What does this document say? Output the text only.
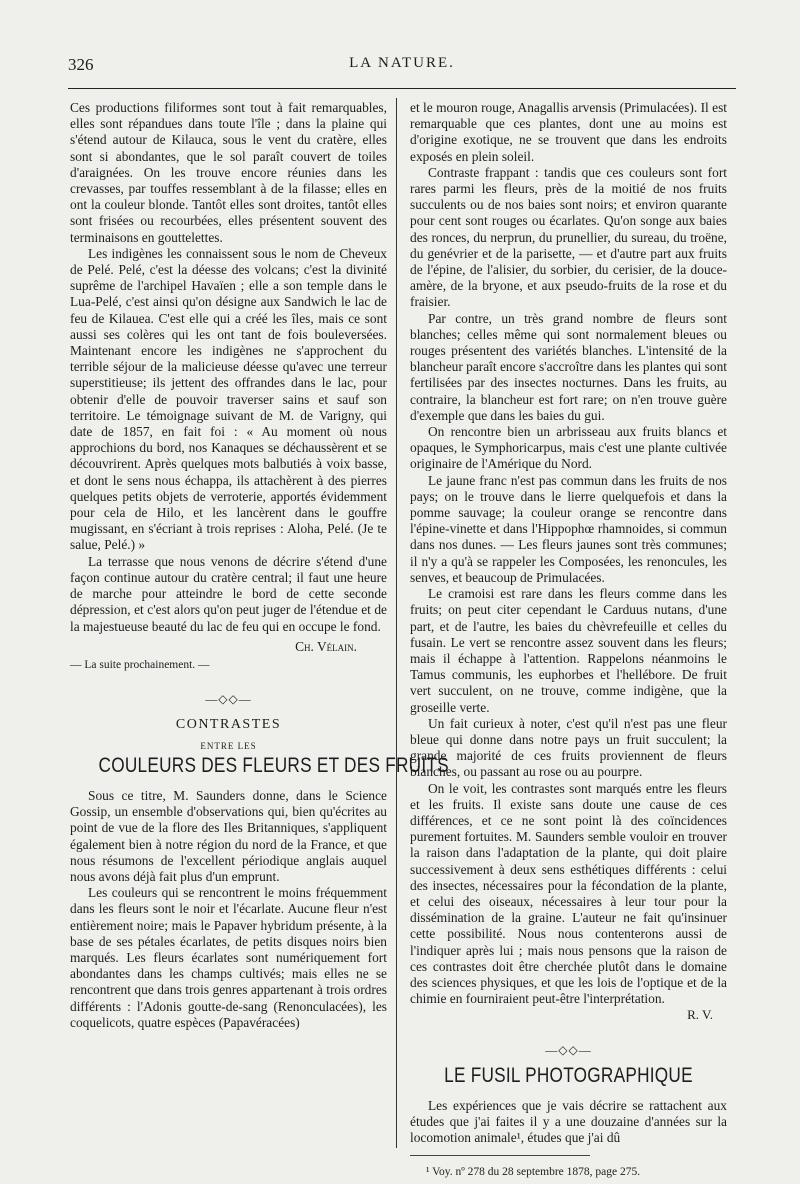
326	LA NATURE.

Ces productions filiformes sont tout à fait remarquables, elles sont répandues dans toute l'île ; dans la plaine qui s'étend autour de Kilauca, sous le vent du cratère, elles sont si abondantes, que le sol paraît couvert de toiles d'araignées. On les trouve encore réunies dans les crevasses, par touffes ressemblant à de la filasse; elles en ont la couleur blonde. Tantôt elles sont droites, tantôt elles sont frisées ou recourbées, elles présentent souvent des terminaisons en gouttelettes.

Les indigènes les connaissent sous le nom de Cheveux de Pelé. Pelé, c'est la déesse des volcans; c'est la divinité suprême de l'archipel Havaïen ; elle a son temple dans le Lua-Pelé, c'est ainsi qu'on désigne aux Sandwich le lac de feu de Kilauea. C'est elle qui a créé les îles, mais ce sont aussi ses colères qui les ont tant de fois bouleversées. Maintenant encore les indigènes ne s'approchent du terrible séjour de la malicieuse déesse qu'avec une terreur superstitieuse; ils jettent des offrandes dans le lac, pour obtenir d'elle de pouvoir traverser sains et sauf son territoire. Le témoignage suivant de M. de Varigny, qui date de 1857, en fait foi : « Au moment où nous approchions du bord, nos Kanaques se déchaussèrent et se découvrirent. Après quelques mots balbutiés à voix basse, et dont le sens nous échappa, ils attachèrent à des pierres quelques petits objets de verroterie, apportés évidemment pour cela de Hilo, et les lancèrent dans le gouffre mugissant, en s'écriant à trois reprises : Aloha, Pelé. (Je te salue, Pelé.) »

La terrasse que nous venons de décrire s'étend d'une façon continue autour du cratère central; il faut une heure de marche pour atteindre le bord de cette seconde dépression, et c'est alors qu'on peut juger de l'étendue et de la majestueuse beauté du lac de feu qui en occupe le fond.

Ch. Vélain.

— La suite prochainement. —

—◇◇—
CONTRASTES
ENTRE LES
COULEURS DES FLEURS ET DES FRUITS

Sous ce titre, M. Saunders donne, dans le Science Gossip, un ensemble d'observations qui, bien qu'écrites au point de vue de la flore des Iles Britanniques, s'appliquent également bien à notre région du nord de la France, et que nous résumons de l'excellent périodique anglais auquel nous avons déjà fait plus d'un emprunt.

Les couleurs qui se rencontrent le moins fréquemment dans les fleurs sont le noir et l'écarlate. Aucune fleur n'est entièrement noire; mais le Papaver hybridum présente, à la base de ses pétales écarlates, de petits disques noirs bien marqués. Les fleurs écarlates sont numériquement fort abondantes dans les champs cultivés; mais elles ne se rencontrent que dans trois genres appartenant à trois ordres différents : l'Adonis goutte-de-sang (Renonculacées), les coquelicots, quatre espèces (Papavéracées)

et le mouron rouge, Anagallis arvensis (Primulacées). Il est remarquable que ces plantes, dont une au moins est d'origine exotique, ne se trouvent que dans les endroits exposés en plein soleil.

Contraste frappant : tandis que ces couleurs sont fort rares parmi les fleurs, près de la moitié de nos fruits succulents ou de nos baies sont noirs; et environ quarante pour cent sont rouges ou écarlates. Qu'on songe aux baies des ronces, du nerprun, du prunellier, du sureau, du troëne, du genévrier et de la parisette, — et d'autre part aux fruits de l'épine, de l'alisier, du sorbier, du cerisier, de la douce-amère, de la bryone, et aux pseudo-fruits de la rose et du fraisier.

Par contre, un très grand nombre de fleurs sont blanches; celles même qui sont normalement bleues ou rouges présentent des variétés blanches. L'intensité de la blancheur paraît encore s'accroître dans les plantes qui sont fertilisées par des insectes nocturnes. Dans les fruits, au contraire, la blancheur est fort rare; on n'en trouve guère d'exemple que dans les baies du gui.

On rencontre bien un arbrisseau aux fruits blancs et opaques, le Symphoricarpus, mais c'est une plante cultivée originaire de l'Amérique du Nord.

Le jaune franc n'est pas commun dans les fruits de nos pays; on le trouve dans le lierre quelquefois et dans la pomme sauvage; la couleur orange se rencontre dans l'épine-vinette et dans l'Hippophœ rhamnoides, si commun dans nos dunes. — Les fleurs jaunes sont très communes; il n'y a qu'à se rappeler les Composées, les renoncules, les senves, et beaucoup de Primulacées.

Le cramoisi est rare dans les fleurs comme dans les fruits; on peut citer cependant le Carduus nutans, d'une part, et de l'autre, les baies du chèvrefeuille et celles du fusain. Le vert se rencontre assez souvent dans les fleurs; mais il échappe à l'attention. Rappelons néanmoins le Tamus communis, les euphorbes et l'hellébore. De fruit vert succulent, on ne trouve, comme indigène, que la groseille verte.

Un fait curieux à noter, c'est qu'il n'est pas une fleur bleue qui donne dans notre pays un fruit succulent; la grande majorité de ces fruits proviennent de fleurs blanches, ou passant au rose ou au pourpre.

On le voit, les contrastes sont marqués entre les fleurs et les fruits. Il existe sans doute une cause de ces différences, et ce ne sont point là des coïncidences purement fortuites. M. Saunders semble vouloir en trouver la raison dans l'adaptation de la plante, qui doit plaire successivement à deux sens esthétiques différents : celui des insectes, nécessaires pour la fécondation de la plante, et celui des oiseaux, nécessaires à leur tour pour la dissémination de la graine. L'auteur ne fait qu'insinuer cette possibilité. Nous nous contenterons aussi de l'indiquer après lui ; mais nous pensons que la raison de ces contrastes doit être cherchée plutôt dans le domaine des sciences physiques, et que les lois de l'optique et de la chimie en fourniraient peut-être l'interprétation.

R. V.
—◇◇—
LE FUSIL PHOTOGRAPHIQUE

Les expériences que je vais décrire se rattachent aux études que j'ai faites il y a une douzaine d'années sur la locomotion animale¹, études que j'ai dû

¹ Voy. nº 278 du 28 septembre 1878, page 275.
